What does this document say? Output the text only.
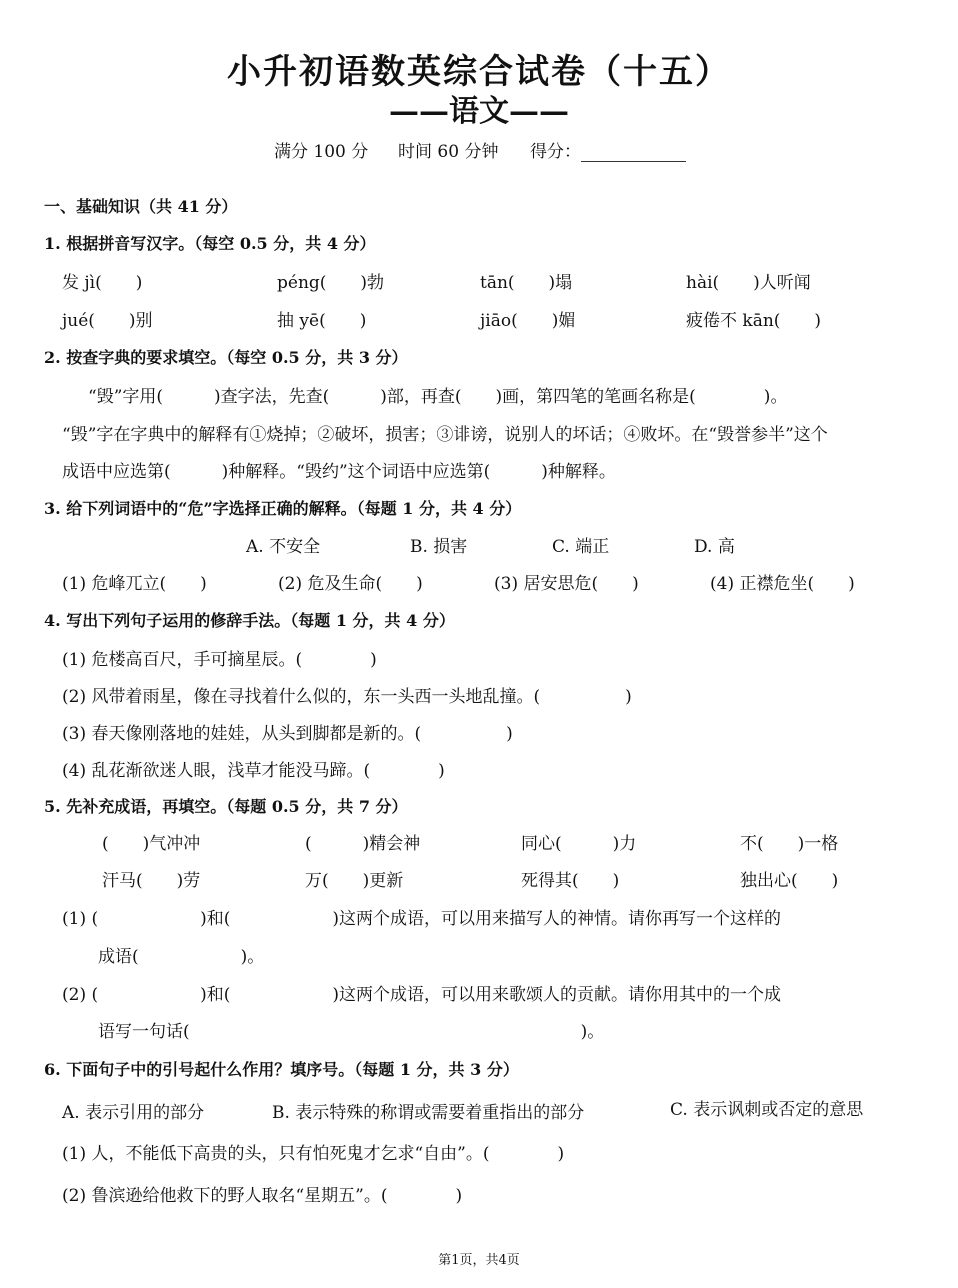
小升初语数英综合试卷（十五）
——语文——
满分 100 分 时间 60 分钟 得分：
一、基础知识（共 41 分）
1. 根据拼音写汉字。（每空 0.5 分，共 4 分）
发 jì(　　)	péng(　　)勃	tān(　　)塌	hài(　　)人听闻
jué(　　)别	抽 yē(　　)	jiāo(　　)媚	疲倦不 kān(　　)
2. 按查字典的要求填空。（每空 0.5 分，共 3 分）
“毁”字用(　　　)查字法，先查(　　　)部，再查(　　)画，第四笔的笔画名称是(　　　　)。
“毁”字在字典中的解释有①烧掉；②破坏，损害；③诽谤，说别人的坏话；④败坏。在“毁誉参半”这个
成语中应选第(　　　)种解释。“毁约”这个词语中应选第(　　　)种解释。
3. 给下列词语中的“危”字选择正确的解释。（每题 1 分，共 4 分）
A. 不安全	B. 损害	C. 端正	D. 高
(1) 危峰兀立(　　)	(2) 危及生命(　　)	(3) 居安思危(　　)	(4) 正襟危坐(　　)
4. 写出下列句子运用的修辞手法。（每题 1 分，共 4 分）
(1) 危楼高百尺，手可摘星辰。(　　　　)
(2) 风带着雨星，像在寻找着什么似的，东一头西一头地乱撞。(　　　　　)
(3) 春天像刚落地的娃娃，从头到脚都是新的。(　　　　　)
(4) 乱花渐欲迷人眼，浅草才能没马蹄。(　　　　)
5. 先补充成语，再填空。（每题 0.5 分，共 7 分）
(　　)气冲冲	(　　　)精会神	同心(　　　)力	不(　　)一格
汗马(　　)劳	万(　　)更新	死得其(　　)	独出心(　　)
(1) (　　　　　　)和(　　　　　　)这两个成语，可以用来描写人的神情。请你再写一个这样的
成语(　　　　　　)。
(2) (　　　　　　)和(　　　　　　)这两个成语，可以用来歌颂人的贡献。请你用其中的一个成
语写一句话(　　　　　　　　　　　　　　　　　　　　　　　)。
6. 下面句子中的引号起什么作用？填序号。（每题 1 分，共 3 分）
A. 表示引用的部分	B. 表示特殊的称谓或需要着重指出的部分	C. 表示讽刺或否定的意思
(1) 人，不能低下高贵的头，只有怕死鬼才乞求“自由”。(　　　　)
(2) 鲁滨逊给他救下的野人取名“星期五”。(　　　　)
第1页，共4页
